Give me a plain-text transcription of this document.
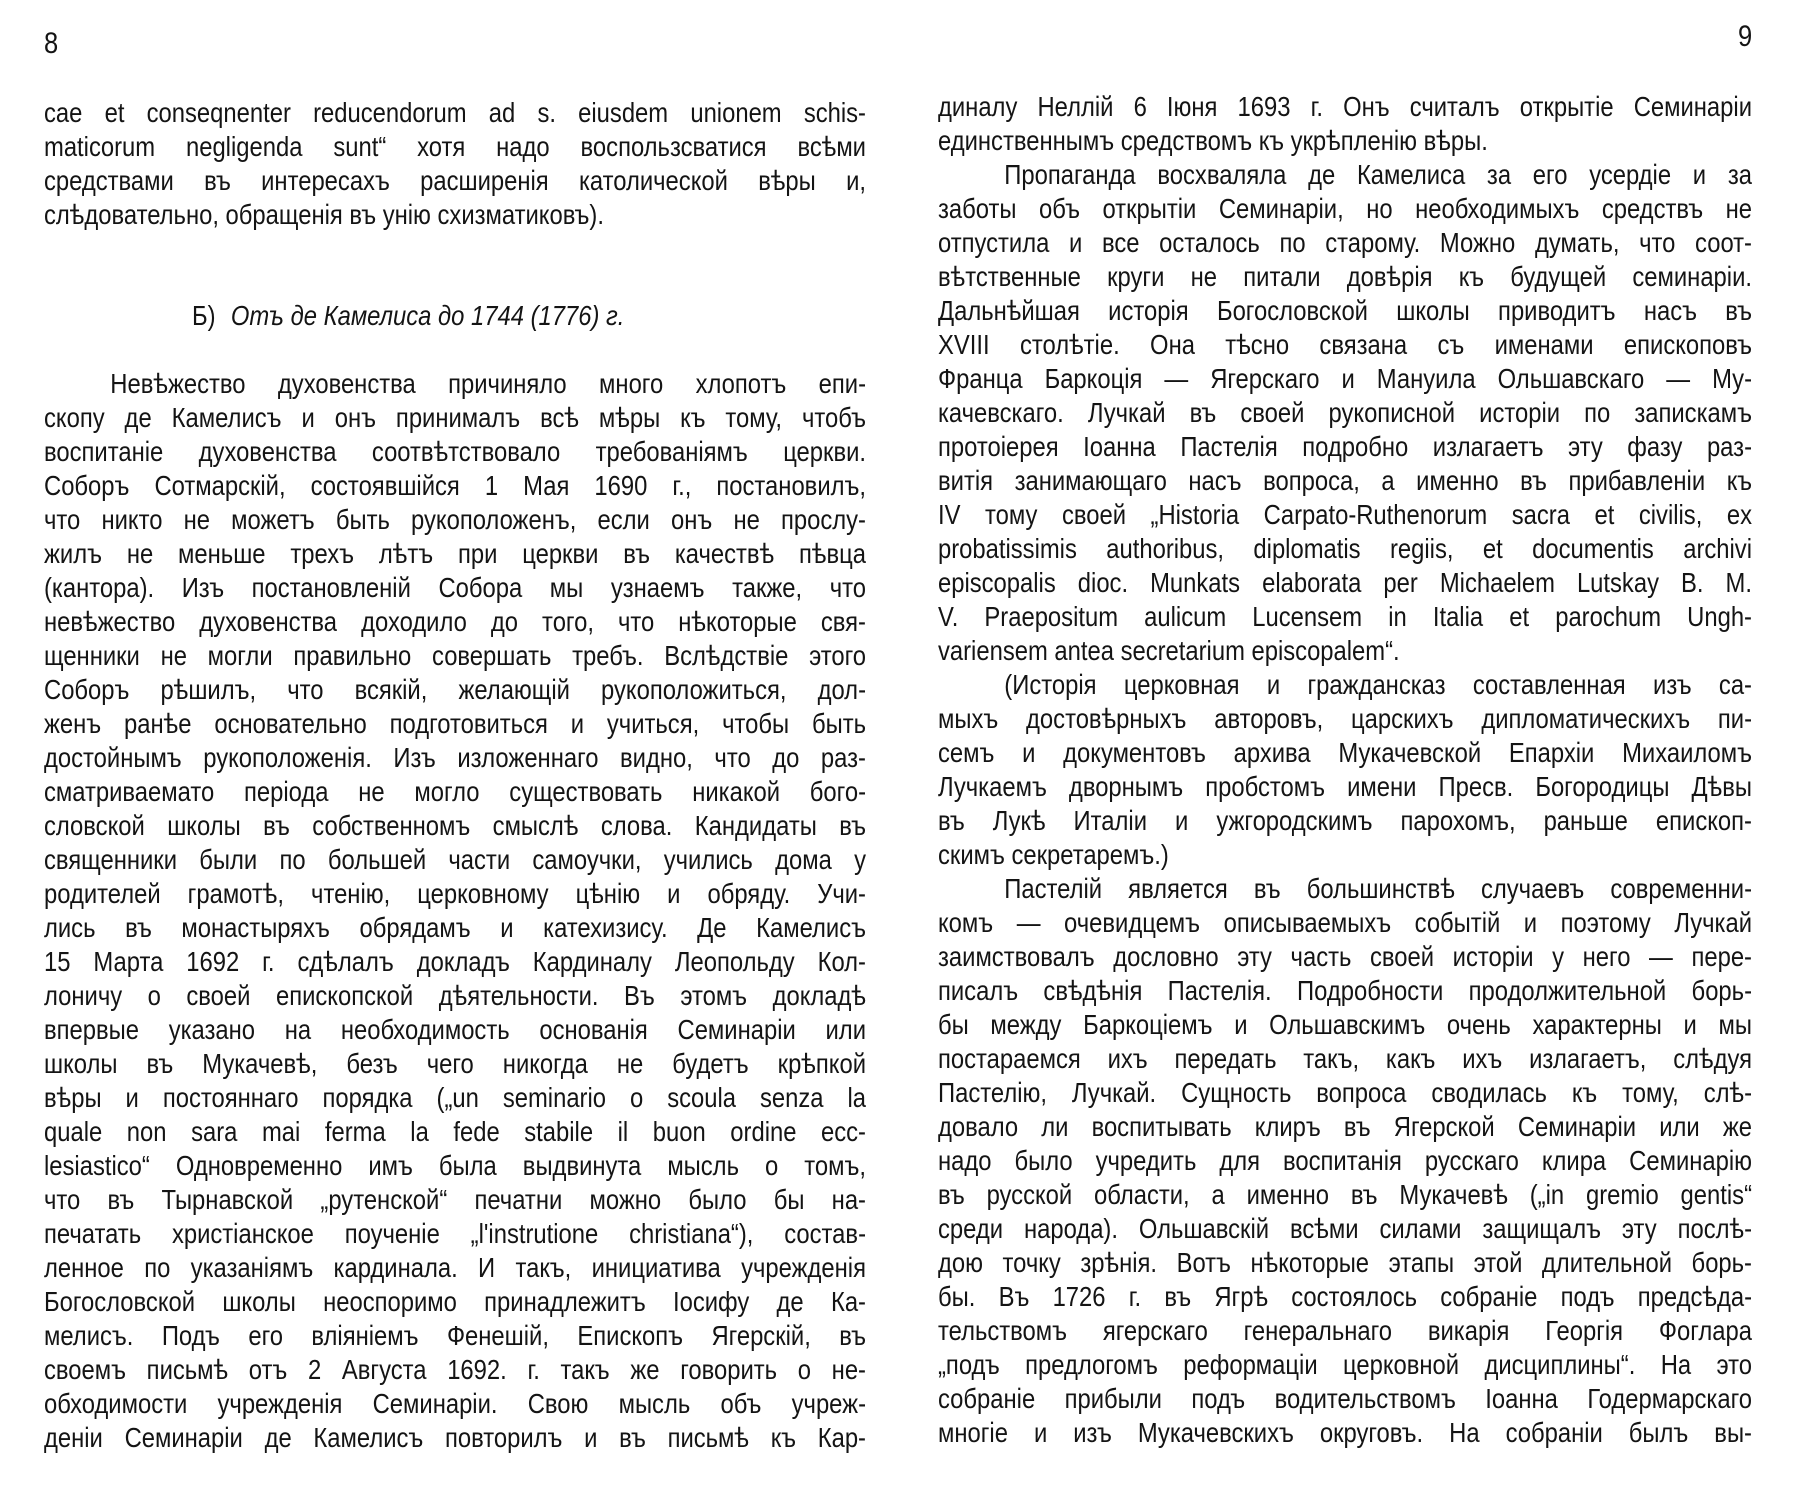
8	9
cae et conseqnenter reducendorum ad s. eiusdem unionem schis-
maticorum negligenda sunt“ хотя надо воспользсватися всѣми
средствами въ интересахъ расширенія католической вѣры и,
слѣдовательно, обращенія въ унію схизматиковъ).
Б) Отъ де Камелиса до 1744 (1776) г.
Невѣжество духовенства причиняло много хлопотъ епи-
скопу де Камелисъ и онъ принималъ всѣ мѣры къ тому, чтобъ
воспитаніе духовенства соотвѣтствовало требованіямъ церкви.
Соборъ Сотмарскій, состоявшійся 1 Мая 1690 г., постановилъ,
что никто не можетъ быть рукоположенъ, если онъ не прослу-
жилъ не меньше трехъ лѣтъ при церкви въ качествѣ пѣвца
(кантора). Изъ постановленій Собора мы узнаемъ также, что
невѣжество духовенства доходило до того, что нѣкоторые свя-
щенники не могли правильно совершать требъ. Вслѣдствіе этого
Соборъ рѣшилъ, что всякій, желающій рукоположиться, дол-
женъ ранѣе основательно подготовиться и учиться, чтобы быть
достойнымъ рукоположенія. Изъ изложеннаго видно, что до раз-
сматриваемато періода не могло существовать никакой бого-
словской школы въ собственномъ смыслѣ слова. Кандидаты въ
священники были по большей части самоучки, учились дома у
родителей грамотѣ, чтенію, церковному цѣнію и обряду. Учи-
лись въ монастыряхъ обрядамъ и катехизису. Де Камелисъ
15 Марта 1692 г. сдѣлалъ докладъ Кардиналу Леопольду Кол-
лоничу о своей епископской дѣятельности. Въ этомъ докладѣ
впервые указано на необходимость основанія Семинаріи или
школы въ Мукачевѣ, безъ чего никогда не будетъ крѣпкой
вѣры и постояннаго порядка („un seminario o scoula senza la
quale non sara mai ferma la fede stabile il buon ordine ecc-
lesiastico“ Одновременно имъ была выдвинута мысль о томъ,
что въ Тырнавской „рутенской“ печатни можно было бы на-
печатать христіанское поученіе „l'instrutione christiana“), состав-
ленное по указаніямъ кардинала. И такъ, инициатива учрежденія
Богословской школы неоспоримо принадлежитъ Іосифу де Ка-
мелисъ. Подъ его вліяніемъ Фенешій, Епископъ Ягерскій, въ
своемъ письмѣ отъ 2 Августа 1692. г. такъ же говорить о не-
обходимости учрежденія Семинаріи. Свою мысль объ учреж-
деніи Семинаріи де Камелисъ повторилъ и въ письмѣ къ Кар-
диналу Неллій 6 Іюня 1693 г. Онъ считалъ открытіе Семинаріи
единственнымъ средствомъ къ укрѣпленію вѣры.
Пропаганда восхваляла де Камелиса за его усердіе и за
заботы объ открытіи Семинаріи, но необходимыхъ средствъ не
отпустила и все осталось по старому. Можно думать, что соот-
вѣтственные круги не питали довѣрія къ будущей семинаріи.
Дальнѣйшая исторія Богословской школы приводитъ насъ въ
XVIII столѣтіе. Она тѣсно связана съ именами епископовъ
Франца Баркоція — Ягерскаго и Мануила Ольшавскаго — Му-
качевскаго. Лучкай въ своей рукописной исторіи по запискамъ
протоіерея Іоанна Пастелія подробно излагаетъ эту фазу раз-
витія занимающаго насъ вопроса, а именно въ прибавленіи къ
IV тому своей „Historia Carpato-Ruthenorum sacra et civilis, ex
probatissimis authoribus, diplomatis regiis, et documentis archivi
episcopalis dioc. Munkats elaborata per Michaelem Lutskay B. M.
V. Praepositum aulicum Lucensem in Italia et parochum Ungh-
variensem antea secretarium episcopalem“.
(Исторія церковная и граждансказ составленная изъ са-
мыхъ достовѣрныхъ авторовъ, царскихъ дипломатическихъ пи-
семъ и документовъ архива Мукачевской Епархіи Михаиломъ
Лучкаемъ дворнымъ пробстомъ имени Пресв. Богородицы Дѣвы
въ Лукѣ Италіи и ужгородскимъ парохомъ, раньше епископ-
скимъ секретаремъ.)
Пастелій является въ большинствѣ случаевъ современни-
комъ — очевидцемъ описываемыхъ событій и поэтому Лучкай
заимствовалъ дословно эту часть своей исторіи у него — пере-
писалъ свѣдѣнія Пастелія. Подробности продолжительной борь-
бы между Баркоціемъ и Ольшавскимъ очень характерны и мы
постараемся ихъ передать такъ, какъ ихъ излагаетъ, слѣдуя
Пастелію, Лучкай. Сущность вопроса сводилась къ тому, слѣ-
довало ли воспитывать клиръ въ Ягерской Семинаріи или же
надо было учредить для воспитанія русскаго клира Семинарію
въ русской области, а именно въ Мукачевѣ („in gremio gentis“
среди народа). Ольшавскій всѣми силами защищалъ эту послѣ-
дою точку зрѣнія. Вотъ нѣкоторые этапы этой длительной борь-
бы. Въ 1726 г. въ Ягрѣ состоялось собраніе подъ предсѣда-
тельствомъ ягерскаго генеральнаго викарія Георгія Фоглара
„подъ предлогомъ реформаціи церковной дисциплины“. На это
собраніе прибыли подъ водительствомъ Іоанна Годермарскаго
многіе и изъ Мукачевскихъ округовъ. На собраніи былъ вы-
